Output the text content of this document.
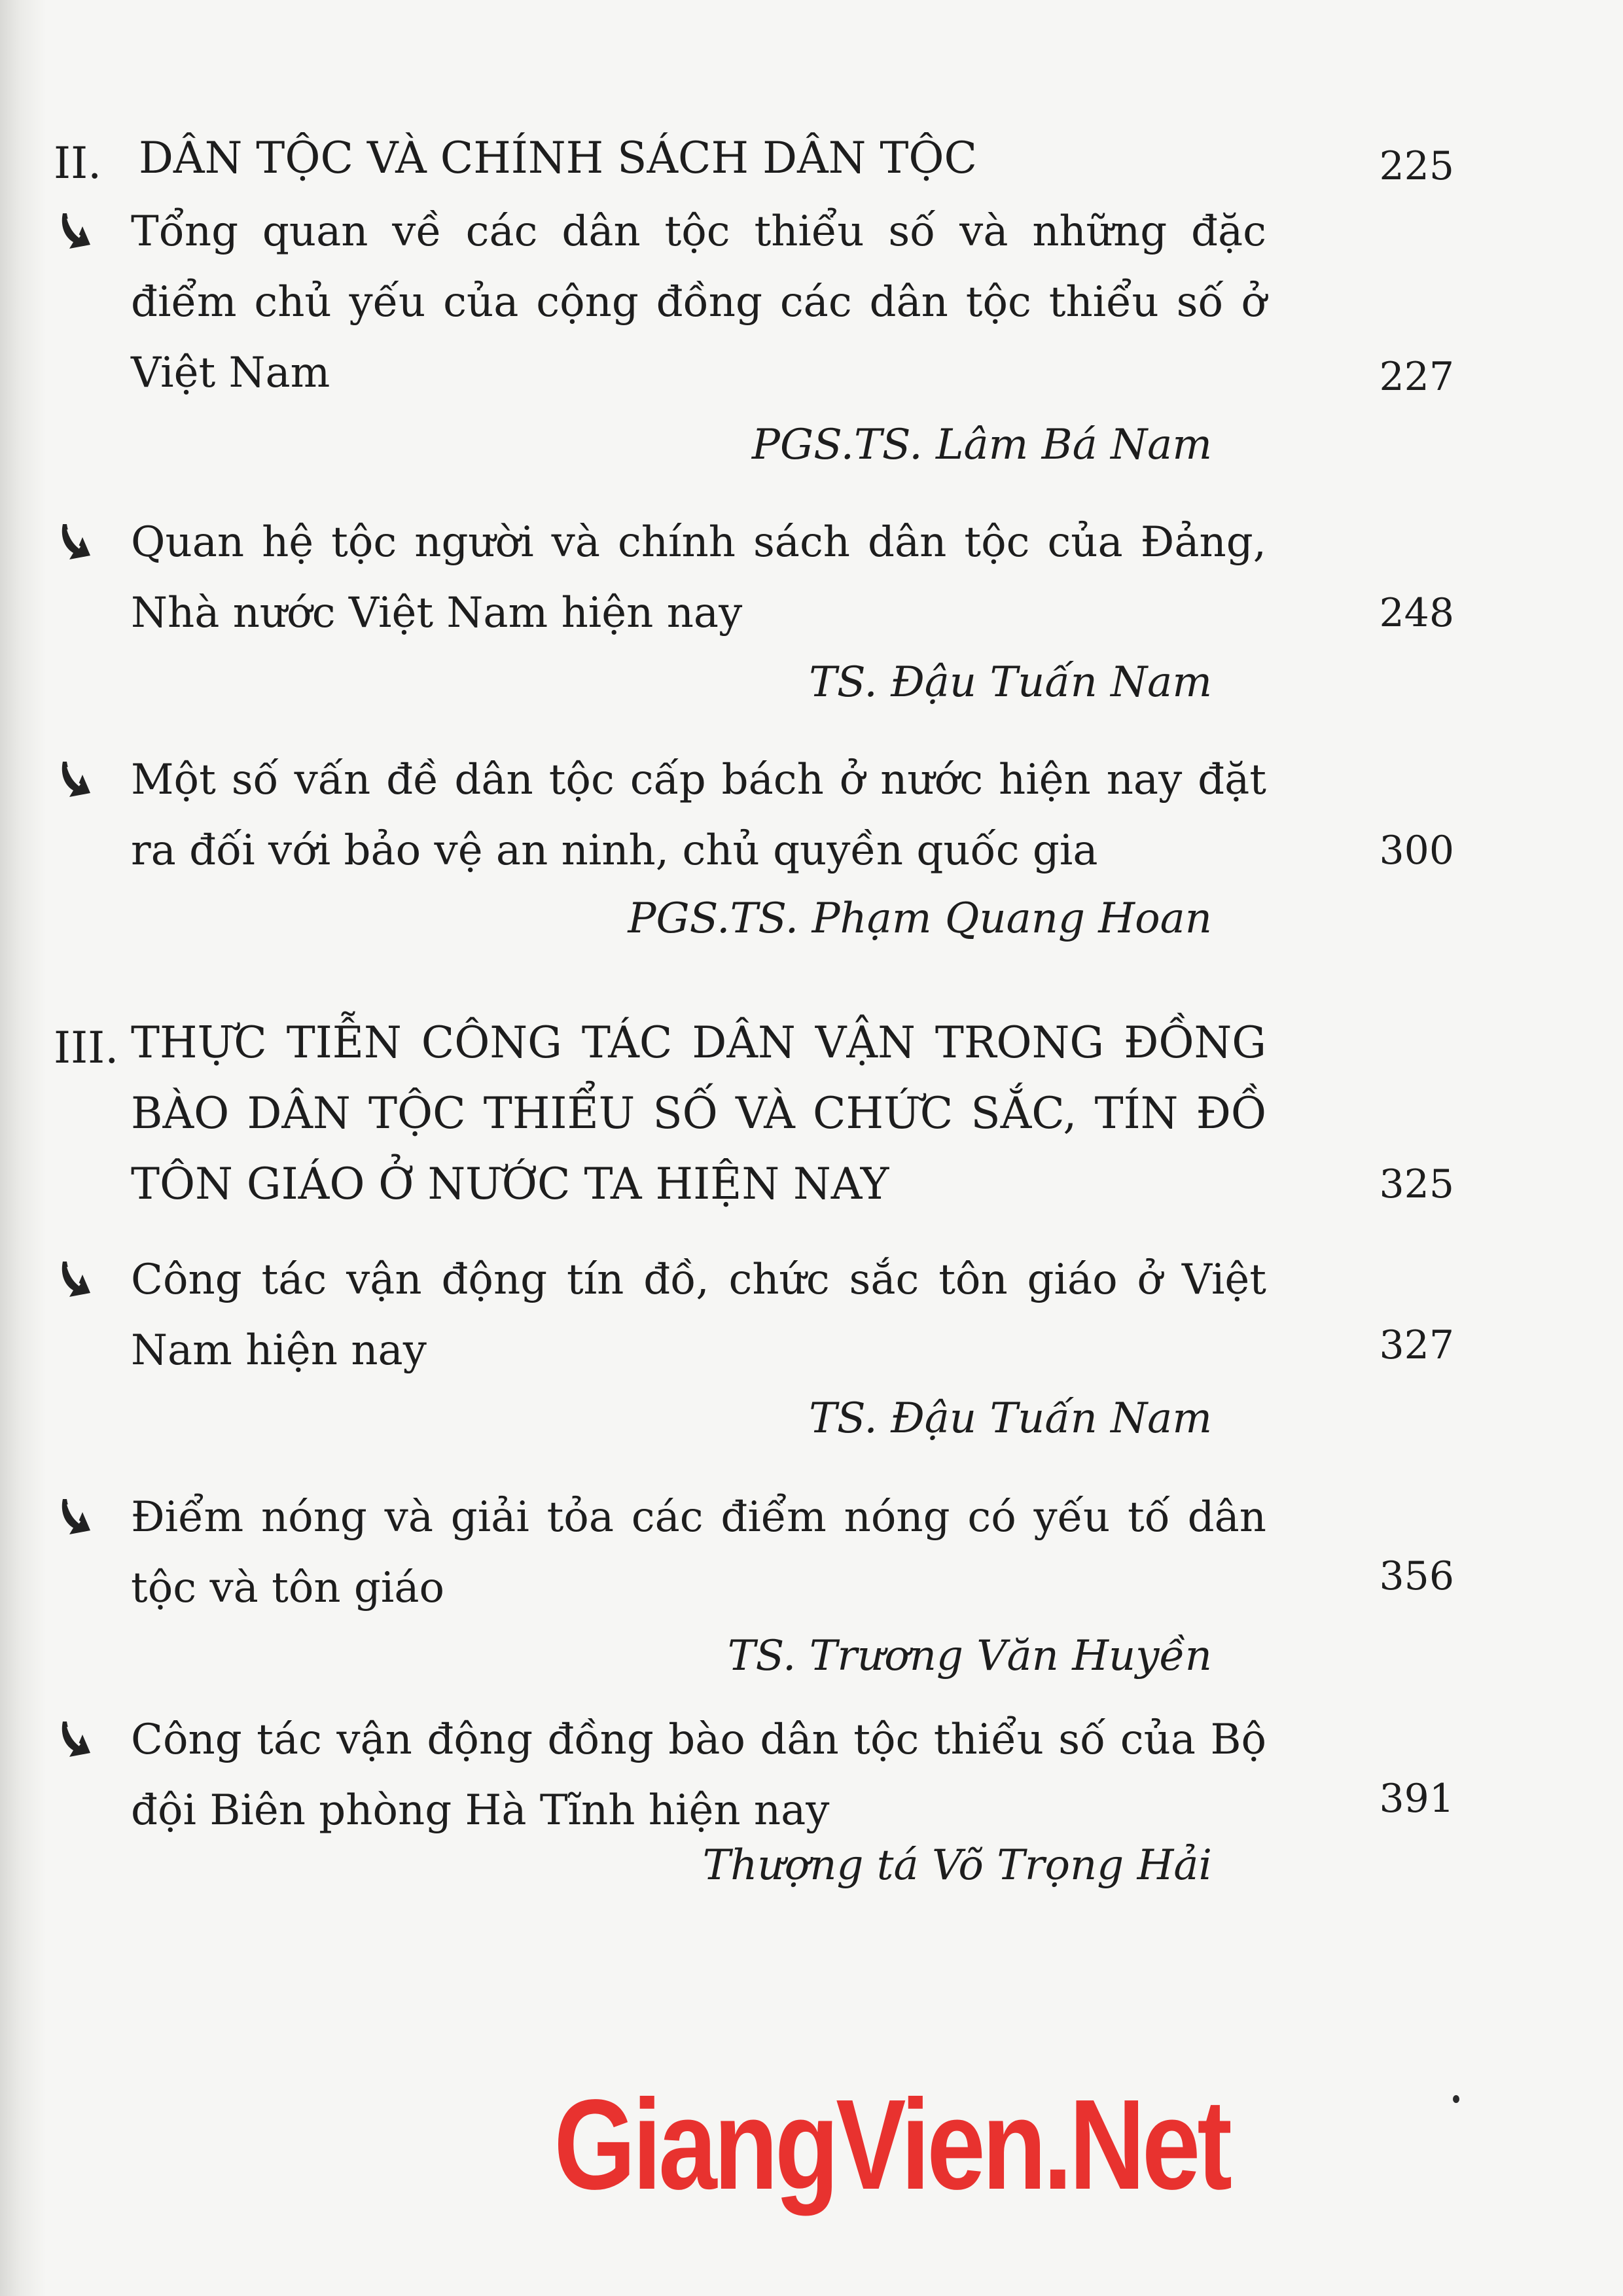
II. DÂN TỘC VÀ CHÍNH SÁCH DÂN TỘC	225
Tổng quan về các dân tộc thiểu số và những đặc điểm chủ yếu của cộng đồng các dân tộc thiểu số ở Việt Nam	227
PGS.TS. Lâm Bá Nam
Quan hệ tộc người và chính sách dân tộc của Đảng, Nhà nước Việt Nam hiện nay	248
TS. Đậu Tuấn Nam
Một số vấn đề dân tộc cấp bách ở nước hiện nay đặt ra đối với bảo vệ an ninh, chủ quyền quốc gia	300
PGS.TS. Phạm Quang Hoan
III. THỰC TIỄN CÔNG TÁC DÂN VẬN TRONG ĐỒNG BÀO DÂN TỘC THIỂU SỐ VÀ CHỨC SẮC, TÍN ĐỒ TÔN GIÁO Ở NƯỚC TA HIỆN NAY	325
Công tác vận động tín đồ, chức sắc tôn giáo ở Việt Nam hiện nay	327
TS. Đậu Tuấn Nam
Điểm nóng và giải tỏa các điểm nóng có yếu tố dân tộc và tôn giáo	356
TS. Trương Văn Huyền
Công tác vận động đồng bào dân tộc thiểu số của Bộ đội Biên phòng Hà Tĩnh hiện nay	391
Thượng tá Võ Trọng Hải
GiangVien.Net
